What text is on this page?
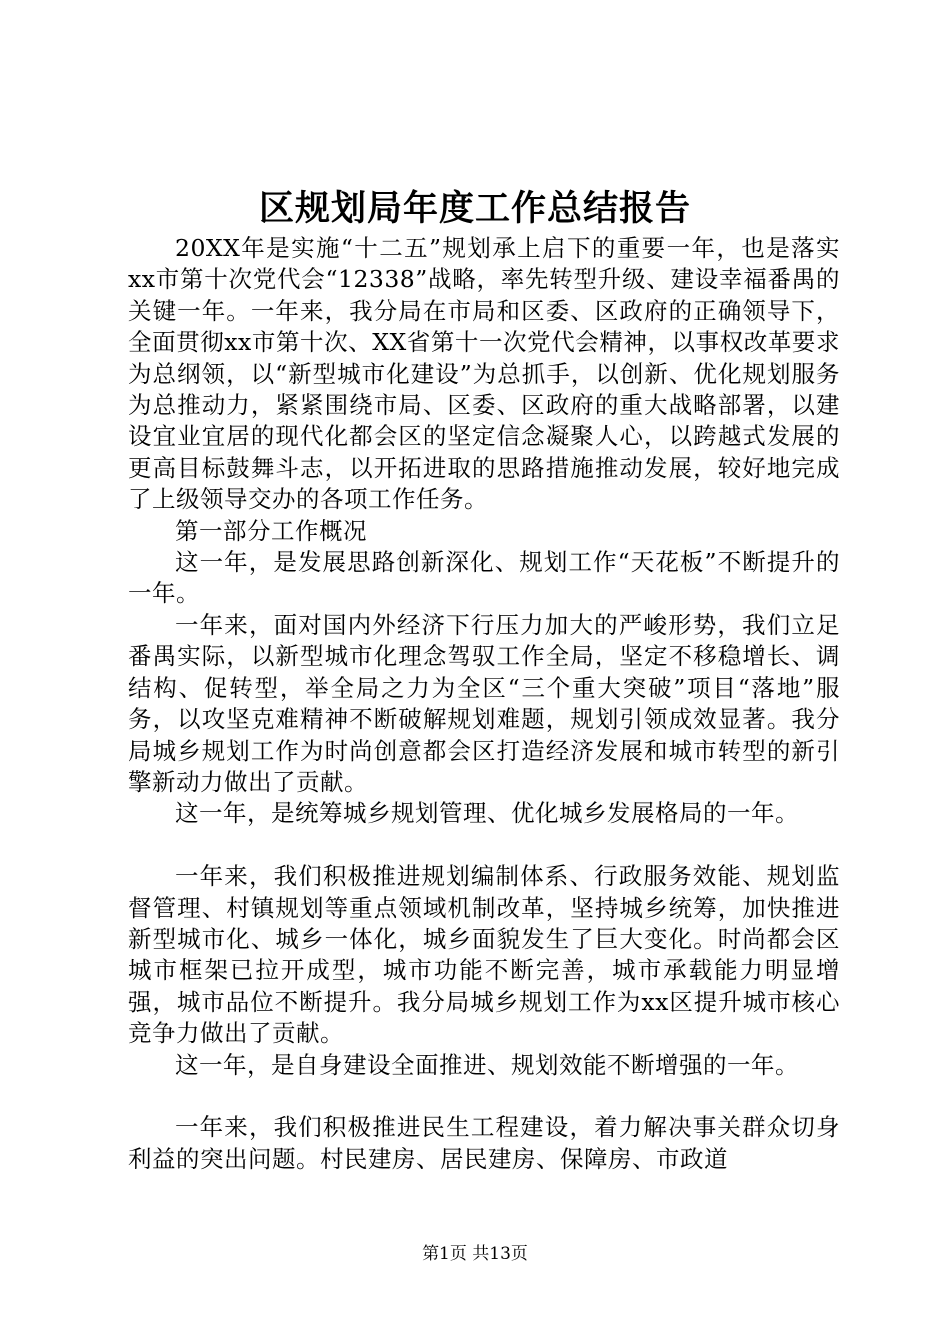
区规划局年度工作总结报告

20XX年是实施“十二五”规划承上启下的重要一年，也是落实xx市第十次党代会“12338”战略，率先转型升级、建设幸福番禺的关键一年。一年来，我分局在市局和区委、区政府的正确领导下，全面贯彻xx市第十次、XX省第十一次党代会精神，以事权改革要求为总纲领，以“新型城市化建设”为总抓手，以创新、优化规划服务为总推动力，紧紧围绕市局、区委、区政府的重大战略部署，以建设宜业宜居的现代化都会区的坚定信念凝聚人心，以跨越式发展的更高目标鼓舞斗志，以开拓进取的思路措施推动发展，较好地完成了上级领导交办的各项工作任务。

第一部分工作概况

这一年，是发展思路创新深化、规划工作“天花板”不断提升的一年。

一年来，面对国内外经济下行压力加大的严峻形势，我们立足番禺实际，以新型城市化理念驾驭工作全局，坚定不移稳增长、调结构、促转型，举全局之力为全区“三个重大突破”项目“落地”服务，以攻坚克难精神不断破解规划难题，规划引领成效显著。我分局城乡规划工作为时尚创意都会区打造经济发展和城市转型的新引擎新动力做出了贡献。

这一年，是统筹城乡规划管理、优化城乡发展格局的一年。

一年来，我们积极推进规划编制体系、行政服务效能、规划监督管理、村镇规划等重点领域机制改革，坚持城乡统筹，加快推进新型城市化、城乡一体化，城乡面貌发生了巨大变化。时尚都会区城市框架已拉开成型，城市功能不断完善，城市承载能力明显增强，城市品位不断提升。我分局城乡规划工作为xx区提升城市核心竞争力做出了贡献。

这一年，是自身建设全面推进、规划效能不断增强的一年。

一年来，我们积极推进民生工程建设，着力解决事关群众切身利益的突出问题。村民建房、居民建房、保障房、市政道

第1页 共13页
